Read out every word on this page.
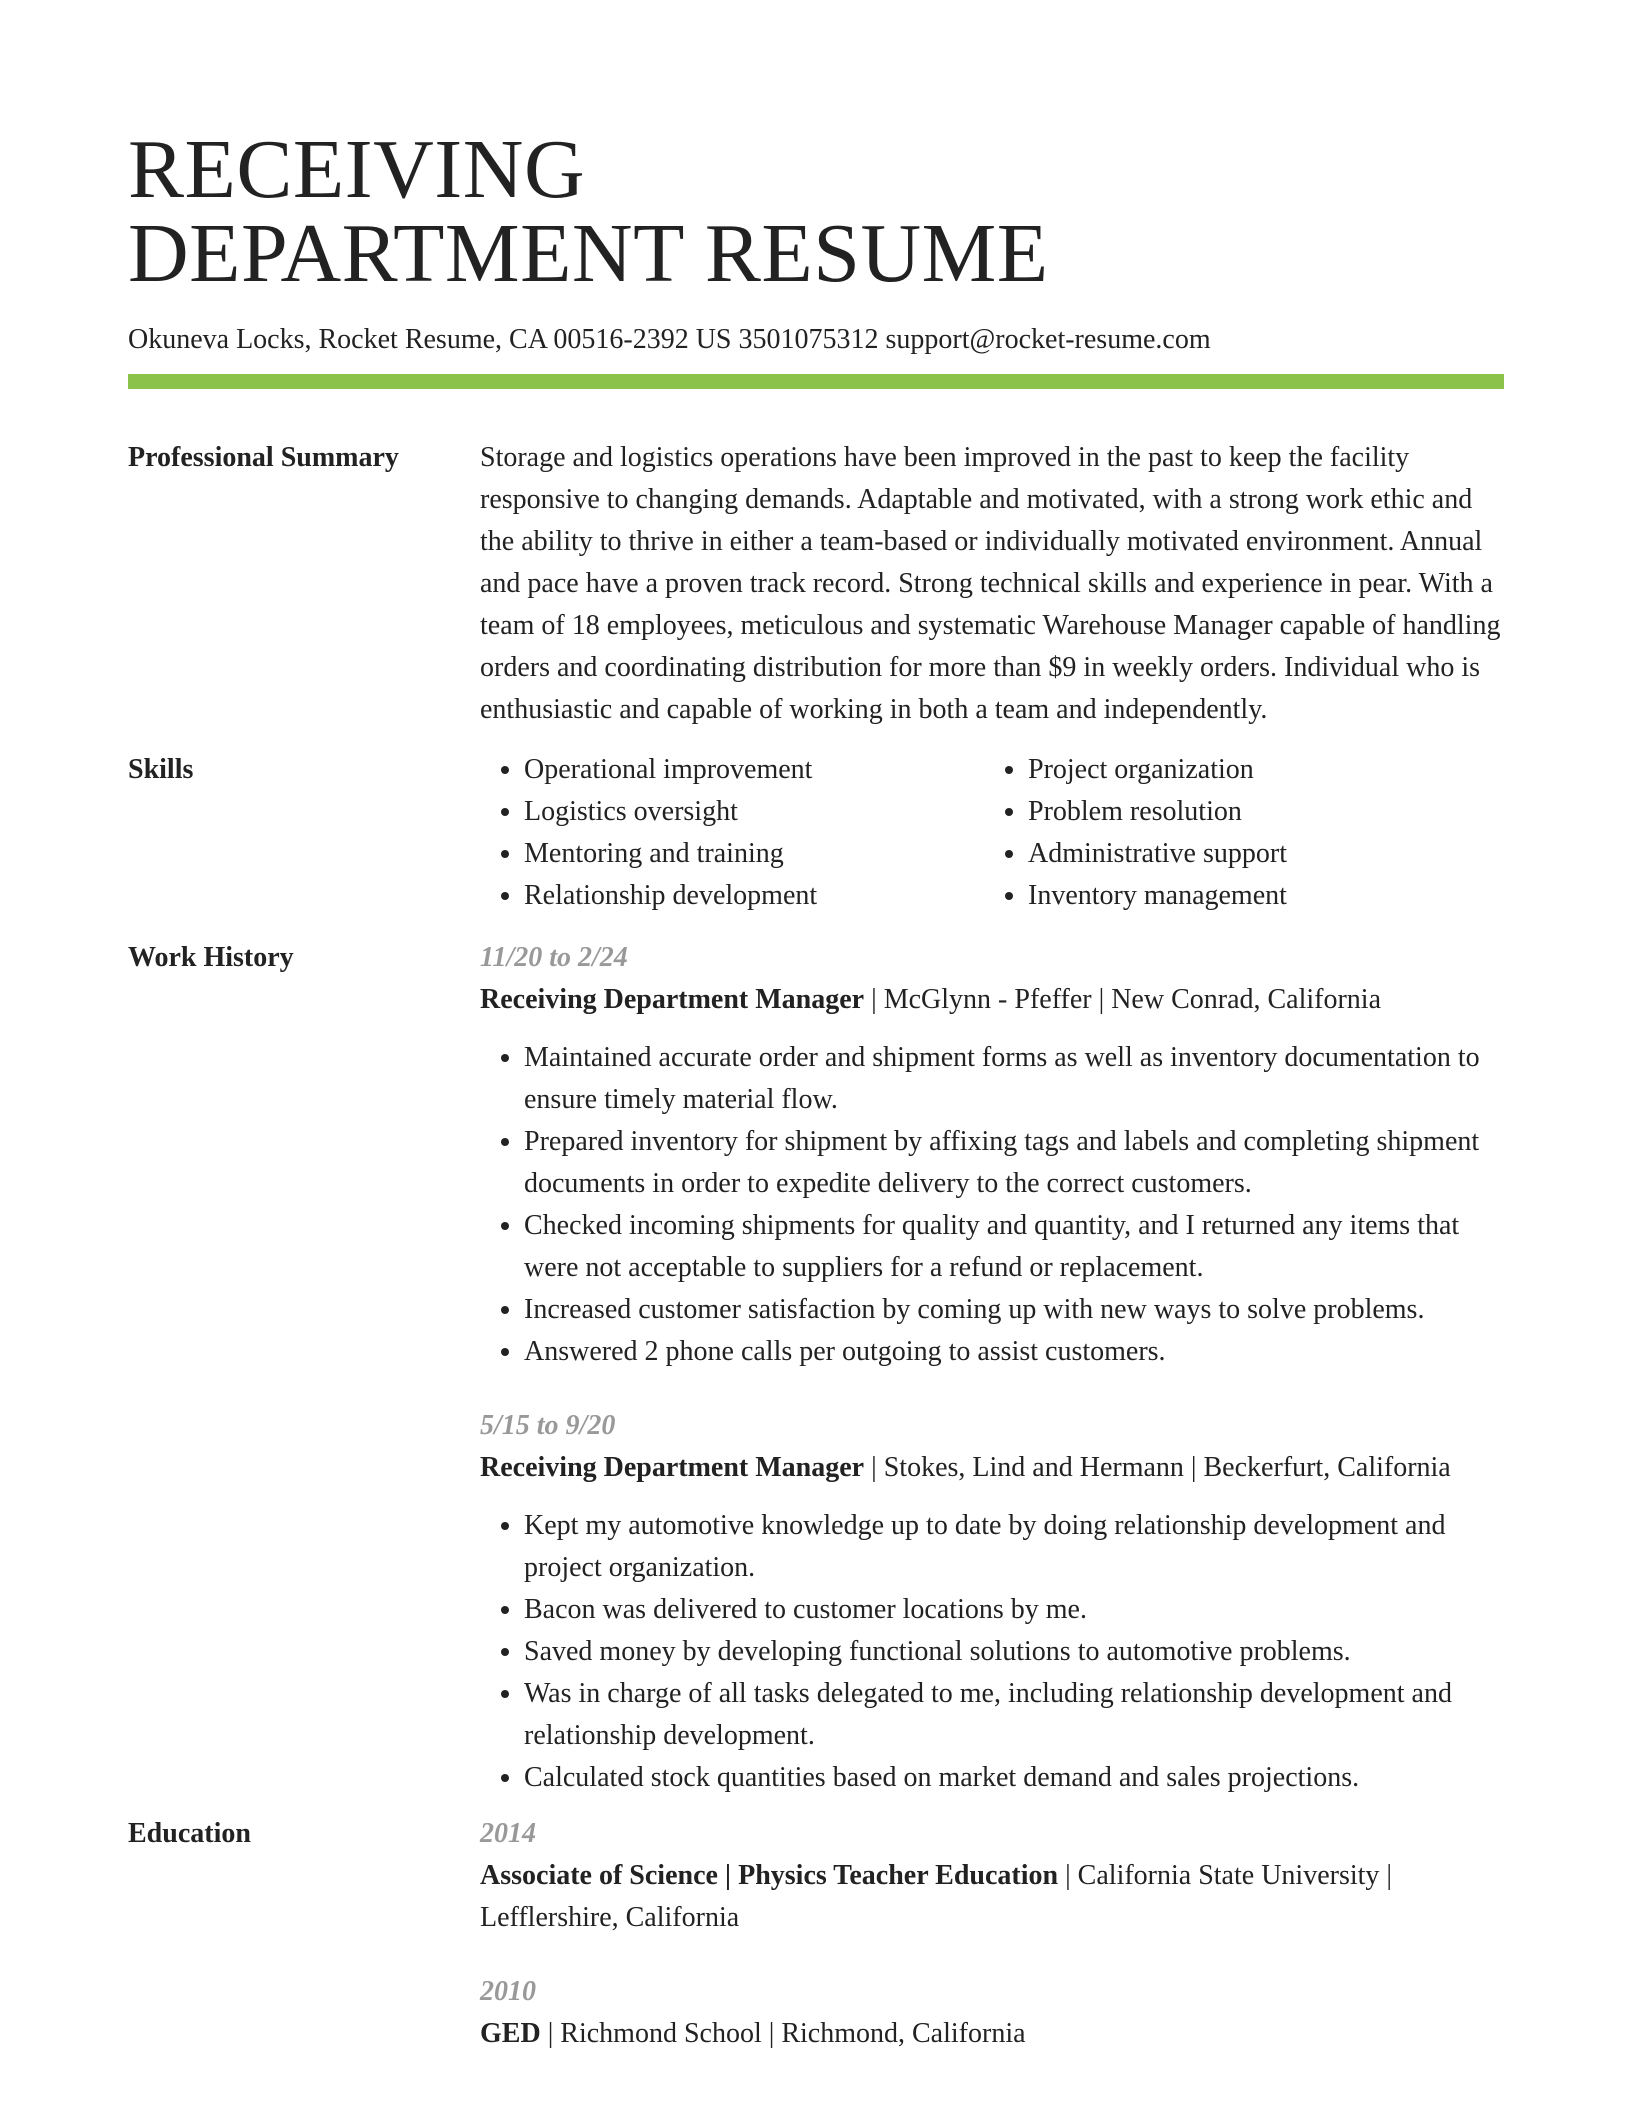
RECEIVING
DEPARTMENT RESUME
Okuneva Locks, Rocket Resume, CA 00516-2392 US 3501075312 support@rocket-resume.com
Professional Summary	Storage and logistics operations have been improved in the past to keep the facility responsive to changing demands. Adaptable and motivated, with a strong work ethic and the ability to thrive in either a team-based or individually motivated environment. Annual and pace have a proven track record. Strong technical skills and experience in pear. With a team of 18 employees, meticulous and systematic Warehouse Manager capable of handling orders and coordinating distribution for more than $9 in weekly orders. Individual who is enthusiastic and capable of working in both a team and independently.

Skills
•	Operational improvement
• Logistics oversight
• Mentoring and training
• Relationship development
• Project organization
• Problem resolution
• Administrative support
• Inventory management
Work History	11/20 to 2/24
Receiving Department Manager | McGlynn - Pfeffer | New Conrad, California
• Maintained accurate order and shipment forms as well as inventory documentation to ensure timely material flow.
• Prepared inventory for shipment by affixing tags and labels and completing shipment documents in order to expedite delivery to the correct customers.
• Checked incoming shipments for quality and quantity, and I returned any items that were not acceptable to suppliers for a refund or replacement.
• Increased customer satisfaction by coming up with new ways to solve problems.
• Answered 2 phone calls per outgoing to assist customers.
5/15 to 9/20
Receiving Department Manager | Stokes, Lind and Hermann | Beckerfurt, California
• Kept my automotive knowledge up to date by doing relationship development and project organization.
• Bacon was delivered to customer locations by me.
• Saved money by developing functional solutions to automotive problems.
• Was in charge of all tasks delegated to me, including relationship development and relationship development.
• Calculated stock quantities based on market demand and sales projections.
Education	2014
Associate of Science | Physics Teacher Education | California State University | Lefflershire, California
2010
GED | Richmond School | Richmond, California
